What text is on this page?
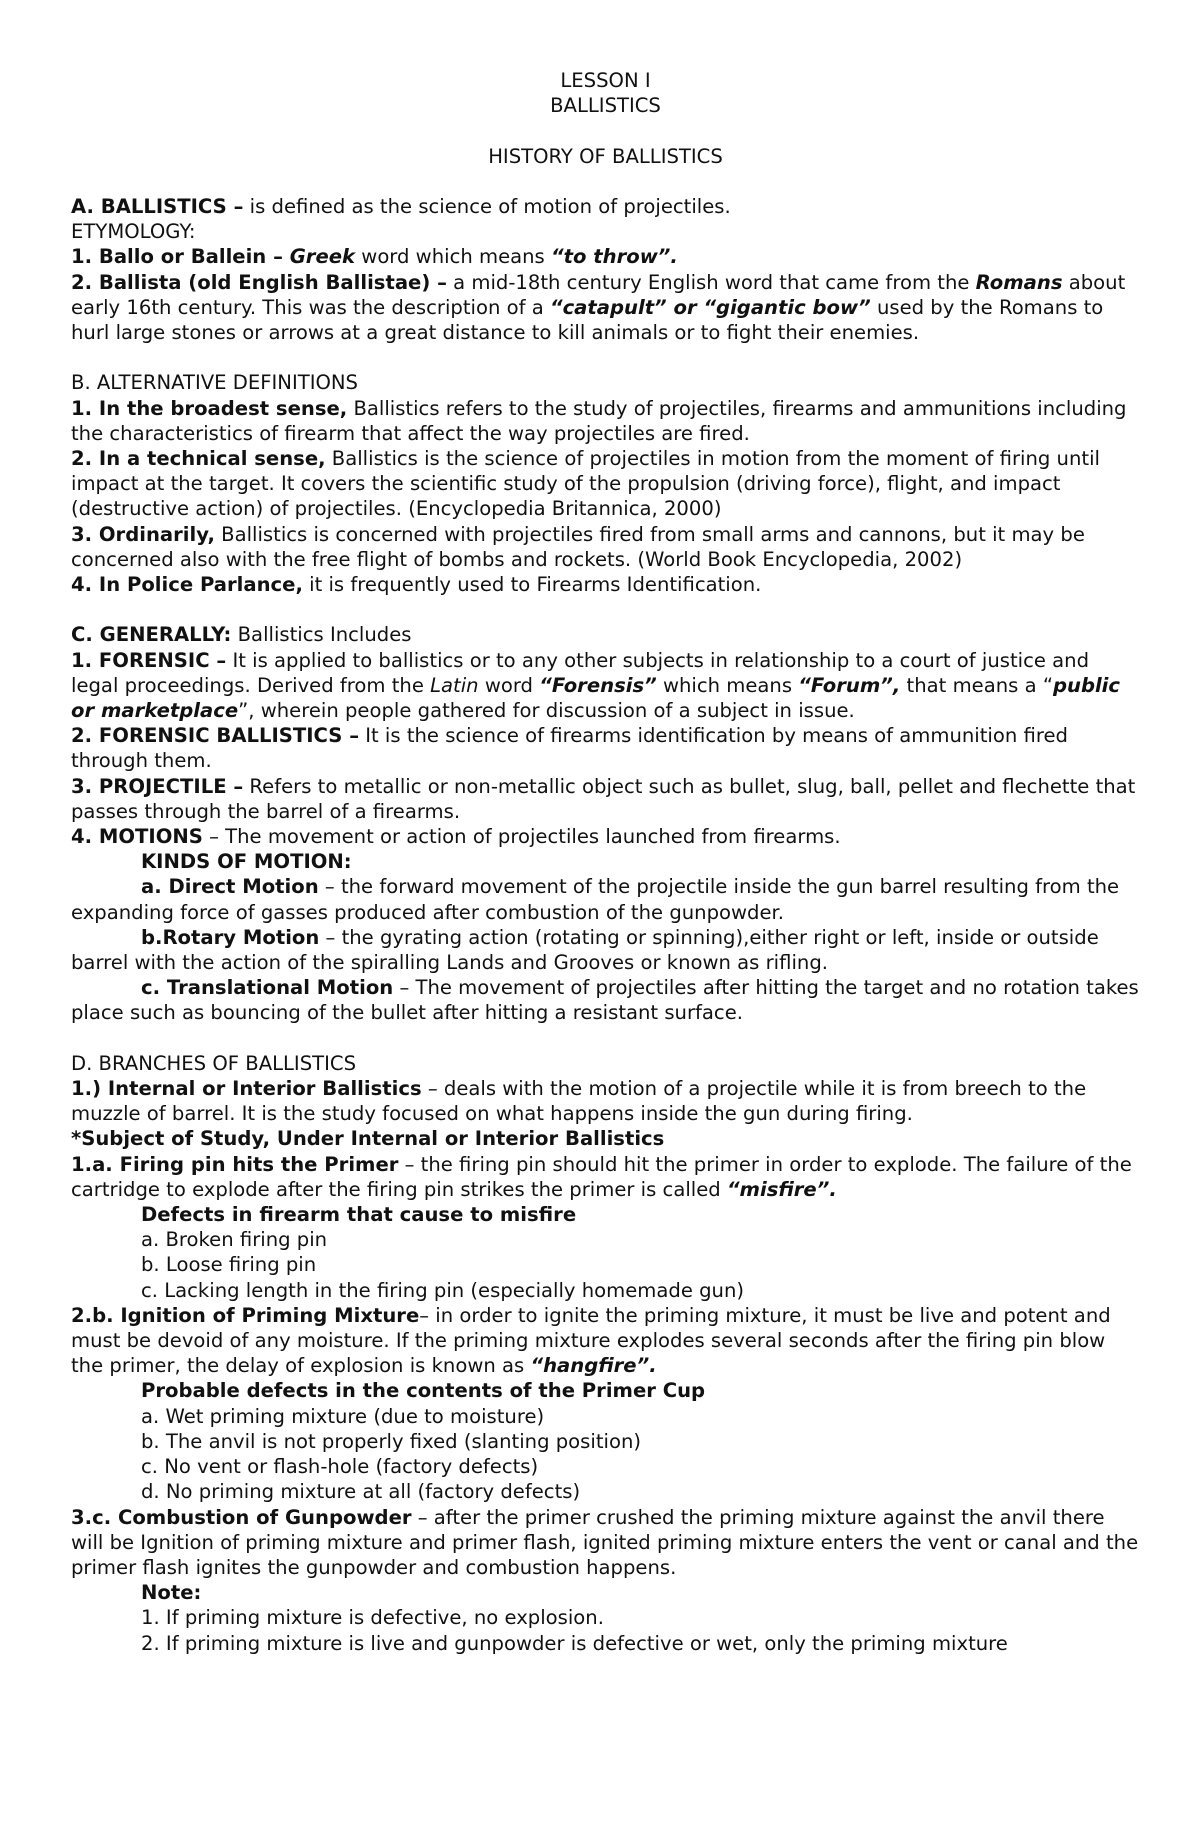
LESSON I

BALLISTICS

HISTORY OF BALLISTICS

A. BALLISTICS – is defined as the science of motion of projectiles.

ETYMOLOGY:

1. Ballo or Ballein – Greek word which means “to throw”.

2. Ballista (old English Ballistae) – a mid-18th century English word that came from the Romans about early 16th century. This was the description of a “catapult” or “gigantic bow” used by the Romans to hurl large stones or arrows at a great distance to kill animals or to fight their enemies.

B. ALTERNATIVE DEFINITIONS

1. In the broadest sense, Ballistics refers to the study of projectiles, firearms and ammunitions including the characteristics of firearm that affect the way projectiles are fired.

2. In a technical sense, Ballistics is the science of projectiles in motion from the moment of firing until impact at the target. It covers the scientific study of the propulsion (driving force), flight, and impact (destructive action) of projectiles. (Encyclopedia Britannica, 2000)

3. Ordinarily, Ballistics is concerned with projectiles fired from small arms and cannons, but it may be concerned also with the free flight of bombs and rockets. (World Book Encyclopedia, 2002)

4. In Police Parlance, it is frequently used to Firearms Identification.

C. GENERALLY: Ballistics Includes

1. FORENSIC – It is applied to ballistics or to any other subjects in relationship to a court of justice and legal proceedings. Derived from the Latin word “Forensis” which means “Forum”, that means a “public or marketplace”, wherein people gathered for discussion of a subject in issue.

2. FORENSIC BALLISTICS – It is the science of firearms identification by means of ammunition fired through them.

3. PROJECTILE – Refers to metallic or non-metallic object such as bullet, slug, ball, pellet and flechette that passes through the barrel of a firearms.

4. MOTIONS – The movement or action of projectiles launched from firearms.

KINDS OF MOTION:

a. Direct Motion – the forward movement of the projectile inside the gun barrel resulting from the expanding force of gasses produced after combustion of the gunpowder.

b.Rotary Motion – the gyrating action (rotating or spinning),either right or left, inside or outside barrel with the action of the spiralling Lands and Grooves or known as rifling.

c. Translational Motion – The movement of projectiles after hitting the target and no rotation takes place such as bouncing of the bullet after hitting a resistant surface.

D. BRANCHES OF BALLISTICS

1.) Internal or Interior Ballistics – deals with the motion of a projectile while it is from breech to the muzzle of barrel. It is the study focused on what happens inside the gun during firing.

*Subject of Study, Under Internal or Interior Ballistics

1.a. Firing pin hits the Primer – the firing pin should hit the primer in order to explode. The failure of the cartridge to explode after the firing pin strikes the primer is called “misfire”.

Defects in firearm that cause to misfire

a. Broken firing pin

b. Loose firing pin

c. Lacking length in the firing pin (especially homemade gun)

2.b. Ignition of Priming Mixture– in order to ignite the priming mixture, it must be live and potent and must be devoid of any moisture. If the priming mixture explodes several seconds after the firing pin blow the primer, the delay of explosion is known as “hangfire”.

Probable defects in the contents of the Primer Cup

a. Wet priming mixture (due to moisture)

b. The anvil is not properly fixed (slanting position)

c. No vent or flash-hole (factory defects)

d. No priming mixture at all (factory defects)

3.c. Combustion of Gunpowder – after the primer crushed the priming mixture against the anvil there will be Ignition of priming mixture and primer flash, ignited priming mixture enters the vent or canal and the primer flash ignites the gunpowder and combustion happens.

Note:

1. If priming mixture is defective, no explosion.

2. If priming mixture is live and gunpowder is defective or wet, only the priming mixture
